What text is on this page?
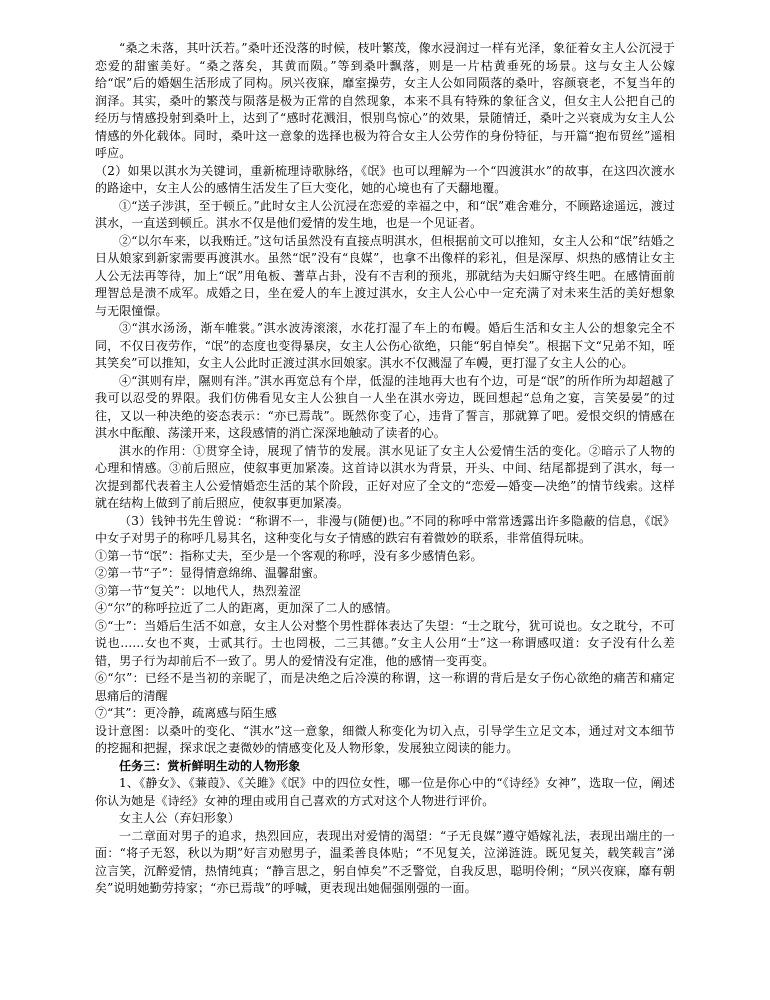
“桑之未落，其叶沃若。”桑叶还没落的时候，枝叶繁茂，像水浸润过一样有光泽，象征着女主人公沉浸于恋爱的甜蜜美好。“桑之落矣，其黄而陨。”等到桑叶飘落，则是一片枯黄垂死的场景。这与女主人公嫁给“氓”后的婚姻生活形成了同构。夙兴夜寐，靡室操劳，女主人公如同陨落的桑叶，容颜衰老，不复当年的润泽。其实，桑叶的繁茂与陨落是极为正常的自然现象，本来不具有特殊的象征含义，但女主人公把自己的经历与情感投射到桑叶上，达到了“感时花溅泪，恨别鸟惊心”的效果，景随情迁，桑叶之兴衰成为女主人公情感的外化载体。同时，桑叶这一意象的选择也极为符合女主人公劳作的身份特征，与开篇“抱布贸丝”遥相呼应。

（2）如果以淇水为关键词，重新梳理诗歌脉络，《氓》也可以理解为一个“四渡淇水”的故事，在这四次渡水的路途中，女主人公的感情生活发生了巨大变化，她的心境也有了天翻地覆。

①“送子涉淇，至于顿丘。”此时女主人公沉浸在恋爱的幸福之中，和“氓”难舍难分，不顾路途遥远，渡过淇水，一直送到顿丘。淇水不仅是他们爱情的发生地，也是一个见证者。

②“以尔车来，以我贿迁。”这句话虽然没有直接点明淇水，但根据前文可以推知，女主人公和“氓”结婚之日从娘家到新家需要再渡淇水。虽然“氓”没有“良媒”，也拿不出像样的彩礼，但是深厚、炽热的感情让女主人公无法再等待，加上“氓”用龟板、蓍草占卦，没有不吉利的预兆，那就结为夫妇厮守终生吧。在感情面前理智总是溃不成军。成婚之日，坐在爱人的车上渡过淇水，女主人公心中一定充满了对未来生活的美好想象与无限憧憬。

③“淇水汤汤，渐车帷裳。”淇水波涛滚滚，水花打湿了车上的布幔。婚后生活和女主人公的想象完全不同，不仅日夜劳作，“氓”的态度也变得暴戾，女主人公伤心欲绝，只能“躬自悼矣”。根据下文“兄弟不知，咥其笑矣”可以推知，女主人公此时正渡过淇水回娘家。淇水不仅溅湿了车幔，更打湿了女主人公的心。

④“淇则有岸，隰则有泮。”淇水再宽总有个岸，低湿的洼地再大也有个边，可是“氓”的所作所为却超越了我可以忍受的界限。我们仿佛看见女主人公独自一人坐在淇水旁边，既回想起“总角之宴，言笑晏晏”的过往，又以一种决绝的姿态表示：“亦已焉哉”。既然你变了心，违背了誓言，那就算了吧。爱恨交织的情感在淇水中酝酿、荡漾开来，这段感情的消亡深深地触动了读者的心。

淇水的作用：①贯穿全诗，展现了情节的发展。淇水见证了女主人公爱情生活的变化。②暗示了人物的心理和情感。③前后照应，使叙事更加紧凑。这首诗以淇水为背景，开头、中间、结尾都提到了淇水，每一次提到都代表着主人公爱情婚恋生活的某个阶段，正好对应了全文的“恋爱—婚变—决绝”的情节线索。这样就在结构上做到了前后照应，使叙事更加紧凑。

（3）钱钟书先生曾说：“称谓不一，非漫与(随便)也。”不同的称呼中常常透露出许多隐蔽的信息，《氓》中女子对男子的称呼几易其名，这种变化与女子情感的跌宕有着微妙的联系，非常值得玩味。

①第一节“氓”：指称丈夫，至少是一个客观的称呼，没有多少感情色彩。

②第一节“子”：显得情意绵绵、温馨甜蜜。

③第一节“复关”：以地代人，热烈羞涩

④“尔”的称呼拉近了二人的距离，更加深了二人的感情。

⑤“士”：当婚后生活不如意，女主人公对整个男性群体表达了失望：“士之耽兮，犹可说也。女之耽兮，不可说也……女也不爽，士贰其行。士也罔极，二三其德。”女主人公用“士”这一称谓感叹道：女子没有什么差错，男子行为却前后不一致了。男人的爱情没有定准，他的感情一变再变。

⑥“尔”：已经不是当初的亲昵了，而是决绝之后冷漠的称谓，这一称谓的背后是女子伤心欲绝的痛苦和痛定思痛后的清醒

⑦“其”：更冷静，疏离感与陌生感

设计意图：以桑叶的变化、“淇水”这一意象，细微人称变化为切入点，引导学生立足文本，通过对文本细节的挖掘和把握，探求氓之妻微妙的情感变化及人物形象，发展独立阅读的能力。

任务三：赏析鲜明生动的人物形象

1、《静女》、《蒹葭》、《关雎》《氓》中的四位女性，哪一位是你心中的“《诗经》女神”，选取一位，阐述你认为她是《诗经》女神的理由或用自己喜欢的方式对这个人物进行评价。

女主人公（弃妇形象）

一二章面对男子的追求，热烈回应，表现出对爱情的渴望：“子无良媒”遵守婚嫁礼法，表现出端庄的一面：“将子无怒，秋以为期”好言劝慰男子，温柔善良体贴；“不见复关，泣涕涟涟。既见复关，载笑载言”涕泣言笑，沉醉爱情，热情纯真；“静言思之，躬自悼矣”不乏警觉，自我反思，聪明伶俐；“夙兴夜寐，靡有朝矣”说明她勤劳持家；“亦已焉哉”的呼喊，更表现出她倔强刚强的一面。
